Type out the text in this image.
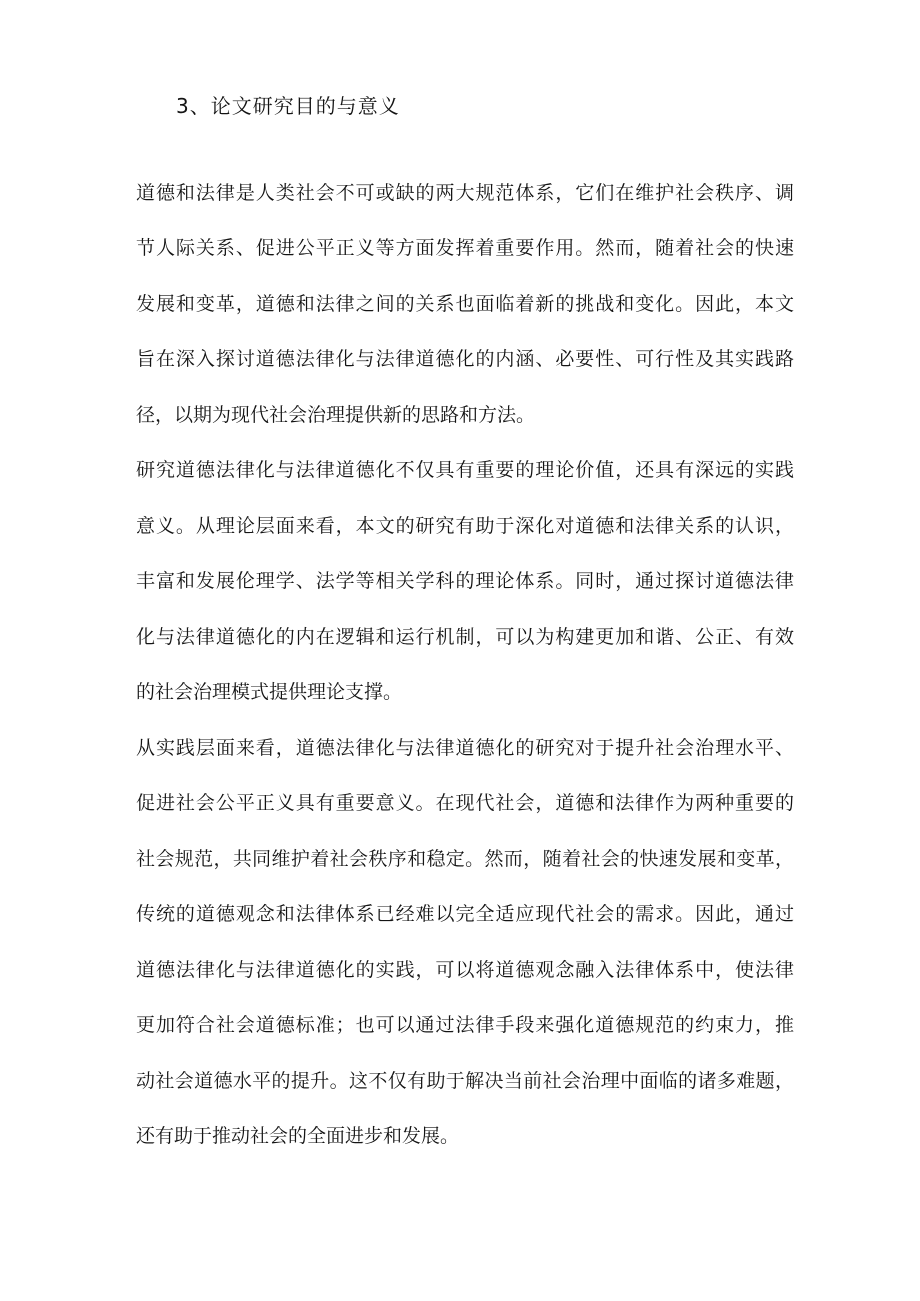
3、论文研究目的与意义
道德和法律是人类社会不可或缺的两大规范体系，它们在维护社会秩序、调
节人际关系、促进公平正义等方面发挥着重要作用。然而，随着社会的快速
发展和变革，道德和法律之间的关系也面临着新的挑战和变化。因此，本文
旨在深入探讨道德法律化与法律道德化的内涵、必要性、可行性及其实践路
径，以期为现代社会治理提供新的思路和方法。
研究道德法律化与法律道德化不仅具有重要的理论价值，还具有深远的实践
意义。从理论层面来看，本文的研究有助于深化对道德和法律关系的认识，
丰富和发展伦理学、法学等相关学科的理论体系。同时，通过探讨道德法律
化与法律道德化的内在逻辑和运行机制，可以为构建更加和谐、公正、有效
的社会治理模式提供理论支撑。
从实践层面来看，道德法律化与法律道德化的研究对于提升社会治理水平、
促进社会公平正义具有重要意义。在现代社会，道德和法律作为两种重要的
社会规范，共同维护着社会秩序和稳定。然而，随着社会的快速发展和变革，
传统的道德观念和法律体系已经难以完全适应现代社会的需求。因此，通过
道德法律化与法律道德化的实践，可以将道德观念融入法律体系中，使法律
更加符合社会道德标准；也可以通过法律手段来强化道德规范的约束力，推
动社会道德水平的提升。这不仅有助于解决当前社会治理中面临的诸多难题，
还有助于推动社会的全面进步和发展。
